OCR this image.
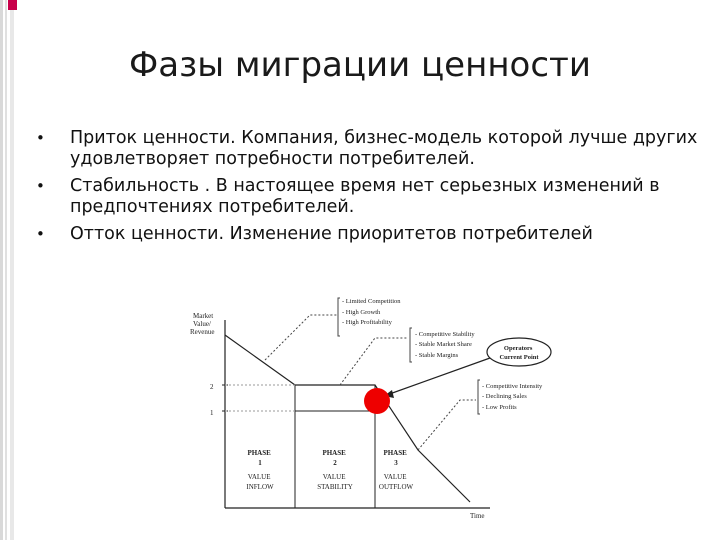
Фазы миграции ценности
• Приток ценности. Компания, бизнес-модель которой лучше других удовлетворяет потребности потребителей.
• Стабильность . В настоящее время нет серьезных изменений в предпочтениях потребителей.
• Отток ценности. Изменение приоритетов потребителей
Market Value/ Revenue
Time
2
1
- Limited Competition - High Growth - High Profitability
- Competitive Stability - Stable Market Share - Stable Margins
Operators Current Point
- Competitive Intensity - Declining Sales - Low Profits
PHASE 1
VALUE INFLOW
PHASE 2
VALUE STABILITY
PHASE 3
VALUE OUTFLOW
